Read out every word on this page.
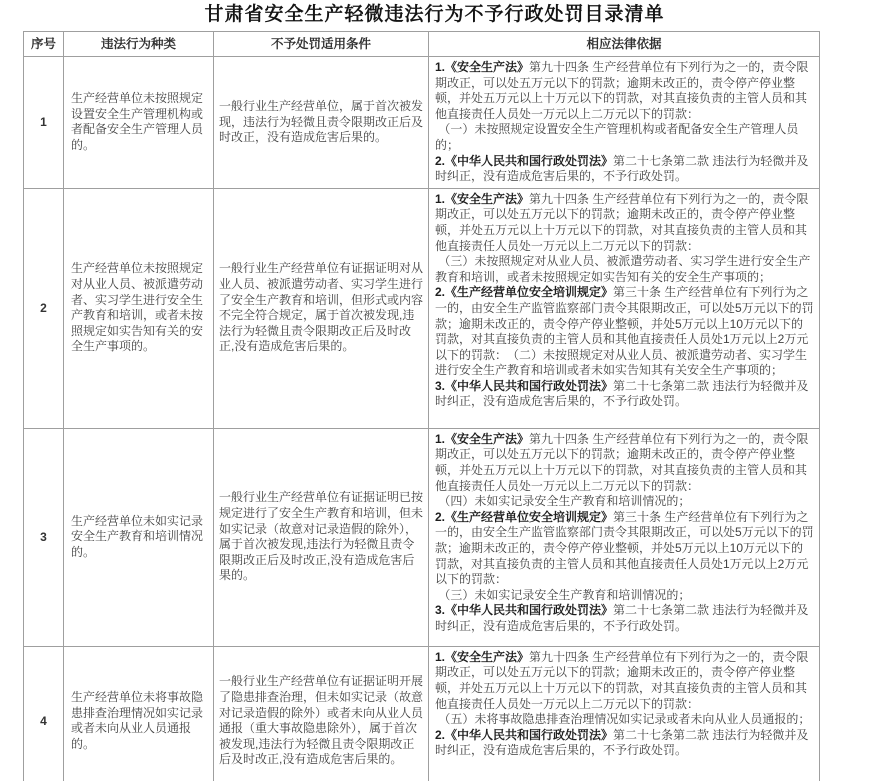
甘肃省安全生产轻微违法行为不予行政处罚目录清单
序号	违法行为种类	不予处罚适用条件	相应法律依据
1	生产经营单位未按照规定设置安全生产管理机构或者配备安全生产管理人员的。	一般行业生产经营单位，属于首次被发现，违法行为轻微且责令限期改正后及时改正，没有造成危害后果的。	1.《安全生产法》第九十四条 生产经营单位有下列行为之一的，责令限期改正，可以处五万元以下的罚款；逾期未改正的，责令停产停业整顿，并处五万元以上十万元以下的罚款，对其直接负责的主管人员和其他直接责任人员处一万元以上二万元以下的罚款：

（一）未按照规定设置安全生产管理机构或者配备安全生产管理人员的；

2.《中华人民共和国行政处罚法》第二十七条第二款 违法行为轻微并及时纠正，没有造成危害后果的，不予行政处罚。

2	生产经营单位未按照规定对从业人员、被派遣劳动者、实习学生进行安全生产教育和培训，或者未按照规定如实告知有关的安全生产事项的。	一般行业生产经营单位有证据证明对从业人员、被派遣劳动者、实习学生进行了安全生产教育和培训，但形式或内容不完全符合规定，属于首次被发现,违法行为轻微且责令限期改正后及时改正,没有造成危害后果的。	1.《安全生产法》第九十四条 生产经营单位有下列行为之一的，责令限期改正，可以处五万元以下的罚款；逾期未改正的，责令停产停业整顿，并处五万元以上十万元以下的罚款，对其直接负责的主管人员和其他直接责任人员处一万元以上二万元以下的罚款：

（三）未按照规定对从业人员、被派遣劳动者、实习学生进行安全生产教育和培训，或者未按照规定如实告知有关的安全生产事项的；

2.《生产经营单位安全培训规定》第三十条 生产经营单位有下列行为之一的，由安全生产监管监察部门责令其限期改正，可以处5万元以下的罚款；逾期未改正的，责令停产停业整顿，并处5万元以上10万元以下的罚款，对其直接负责的主管人员和其他直接责任人员处1万元以上2万元以下的罚款：　（二）未按照规定对从业人员、被派遣劳动者、实习学生进行安全生产教育和培训或者未如实告知其有关安全生产事项的；

3.《中华人民共和国行政处罚法》第二十七条第二款 违法行为轻微并及时纠正，没有造成危害后果的，不予行政处罚。

3	生产经营单位未如实记录安全生产教育和培训情况的。	一般行业生产经营单位有证据证明已按规定进行了安全生产教育和培训，但未如实记录（故意对记录造假的除外），属于首次被发现,违法行为轻微且责令限期改正后及时改正,没有造成危害后果的。	1.《安全生产法》第九十四条 生产经营单位有下列行为之一的，责令限期改正，可以处五万元以下的罚款；逾期未改正的，责令停产停业整顿，并处五万元以上十万元以下的罚款，对其直接负责的主管人员和其他直接责任人员处一万元以上二万元以下的罚款：

（四）未如实记录安全生产教育和培训情况的；

2.《生产经营单位安全培训规定》第三十条 生产经营单位有下列行为之一的，由安全生产监管监察部门责令其限期改正，可以处5万元以下的罚款；逾期未改正的，责令停产停业整顿，并处5万元以上10万元以下的罚款，对其直接负责的主管人员和其他直接责任人员处1万元以上2万元以下的罚款：

（三）未如实记录安全生产教育和培训情况的；

3.《中华人民共和国行政处罚法》第二十七条第二款 违法行为轻微并及时纠正，没有造成危害后果的，不予行政处罚。

4	生产经营单位未将事故隐患排查治理情况如实记录或者未向从业人员通报的。	一般行业生产经营单位有证据证明开展了隐患排查治理，但未如实记录（故意对记录造假的除外）或者未向从业人员通报（重大事故隐患除外），属于首次被发现,违法行为轻微且责令限期改正后及时改正,没有造成危害后果的。	1.《安全生产法》第九十四条 生产经营单位有下列行为之一的，责令限期改正，可以处五万元以下的罚款；逾期未改正的，责令停产停业整顿，并处五万元以上十万元以下的罚款，对其直接负责的主管人员和其他直接责任人员处一万元以上二万元以下的罚款：

（五）未将事故隐患排查治理情况如实记录或者未向从业人员通报的；

2.《中华人民共和国行政处罚法》第二十七条第二款 违法行为轻微并及时纠正，没有造成危害后果的，不予行政处罚。
